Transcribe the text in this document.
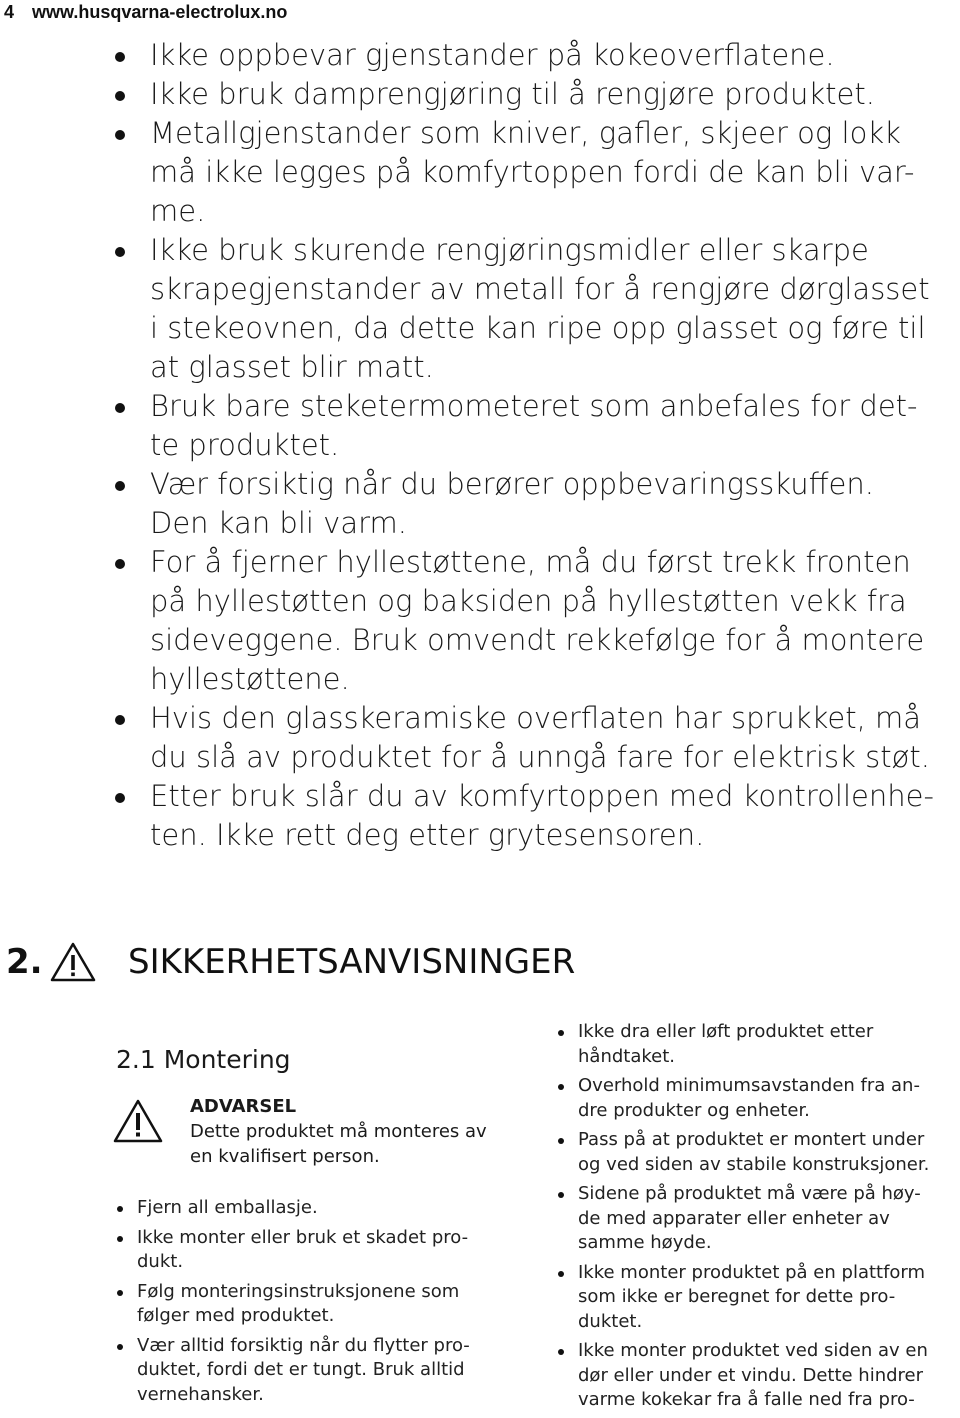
4 www.husqvarna-electrolux.no
Ikke oppbevar gjenstander på kokeoverflatene.
Ikke bruk damprengjøring til å rengjøre produktet.
Metallgjenstander som kniver, gafler, skjeer og lokk
må ikke legges på komfyrtoppen fordi de kan bli var-
me.
Ikke bruk skurende rengjøringsmidler eller skarpe
skrapegjenstander av metall for å rengjøre dørglasset
i stekeovnen, da dette kan ripe opp glasset og føre til
at glasset blir matt.
Bruk bare steketermometeret som anbefales for det-
te produktet.
Vær forsiktig når du berører oppbevaringsskuffen.
Den kan bli varm.
For å fjerner hyllestøttene, må du først trekk fronten
på hyllestøtten og baksiden på hyllestøtten vekk fra
sideveggene. Bruk omvendt rekkefølge for å montere
hyllestøttene.
Hvis den glasskeramiske overflaten har sprukket, må
du slå av produktet for å unngå fare for elektrisk støt.
Etter bruk slår du av komfyrtoppen med kontrollenhe-
ten. Ikke rett deg etter grytesensoren.
2.	SIKKERHETSANVISNINGER
2.1 Montering
ADVARSEL
Dette produktet må monteres av
en kvalifisert person.
Fjern all emballasje.
Ikke monter eller bruk et skadet pro-
dukt.
Følg monteringsinstruksjonene som
følger med produktet.
Vær alltid forsiktig når du flytter pro-
duktet, fordi det er tungt. Bruk alltid
vernehansker.
Ikke dra eller løft produktet etter
håndtaket.
Overhold minimumsavstanden fra an-
dre produkter og enheter.
Pass på at produktet er montert under
og ved siden av stabile konstruksjoner.
Sidene på produktet må være på høy-
de med apparater eller enheter av
samme høyde.
Ikke monter produktet på en plattform
som ikke er beregnet for dette pro-
duktet.
Ikke monter produktet ved siden av en
dør eller under et vindu. Dette hindrer
varme kokekar fra å falle ned fra pro-
